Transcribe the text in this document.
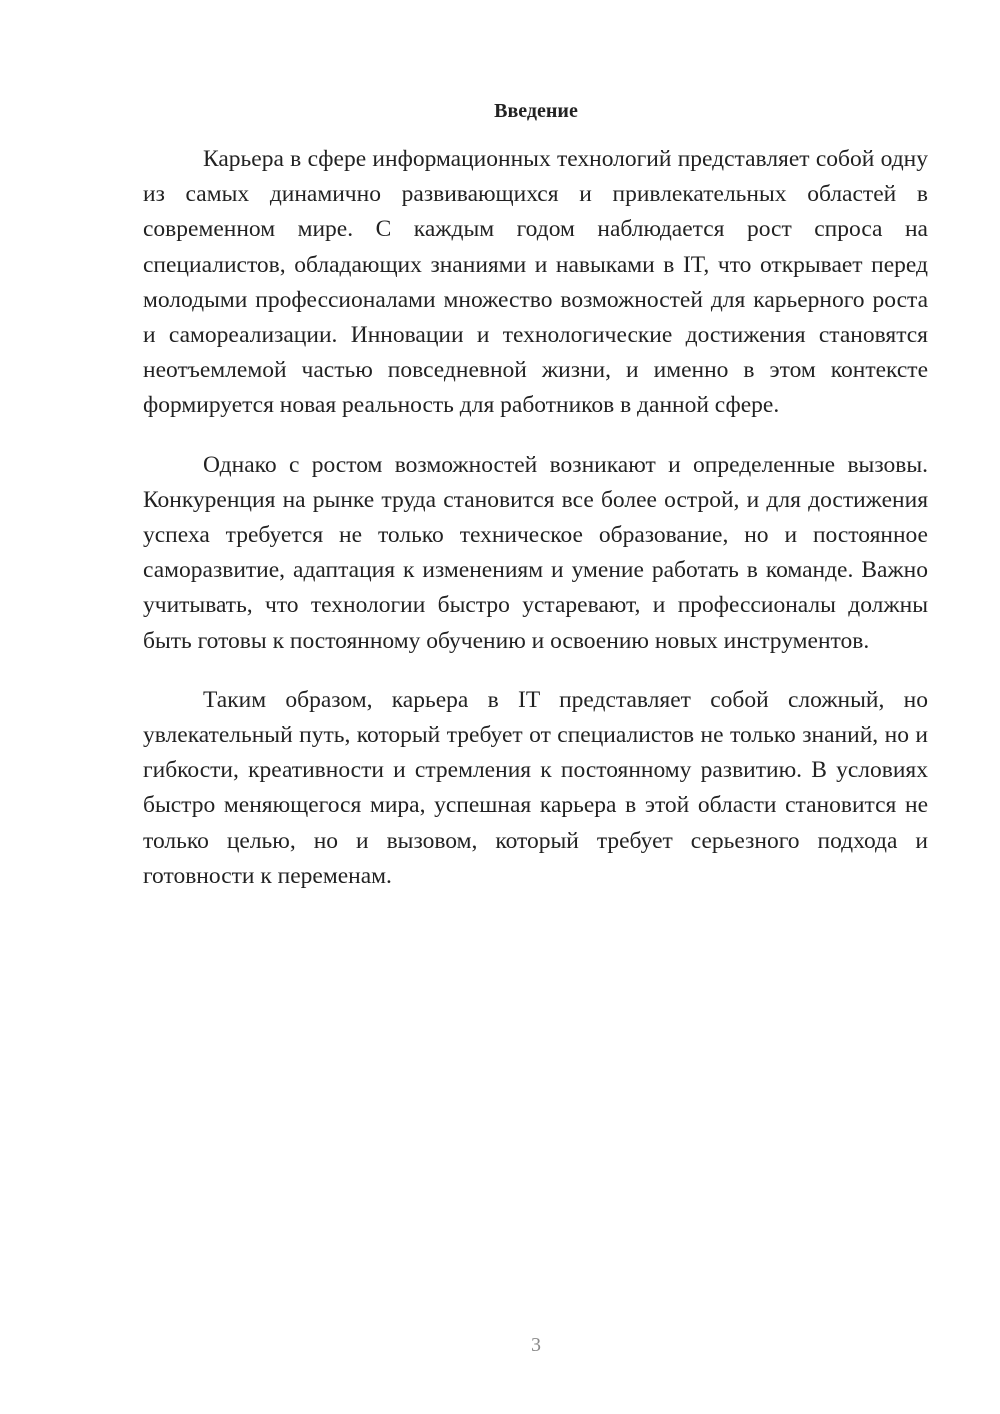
Введение

Карьера в сфере информационных технологий представляет собой одну из самых динамично развивающихся и привлекательных областей в современном мире. С каждым годом наблюдается рост спроса на специалистов, обладающих знаниями и навыками в IT, что открывает перед молодыми профессионалами множество возможностей для карьерного роста и самореализации. Инновации и технологические достижения становятся неотъемлемой частью повседневной жизни, и именно в этом контексте формируется новая реальность для работников в данной сфере.

Однако с ростом возможностей возникают и определенные вызовы. Конкуренция на рынке труда становится все более острой, и для достижения успеха требуется не только техническое образование, но и постоянное саморазвитие, адаптация к изменениям и умение работать в команде. Важно учитывать, что технологии быстро устаревают, и профессионалы должны быть готовы к постоянному обучению и освоению новых инструментов.

Таким образом, карьера в IT представляет собой сложный, но увлекательный путь, который требует от специалистов не только знаний, но и гибкости, креативности и стремления к постоянному развитию. В условиях быстро меняющегося мира, успешная карьера в этой области становится не только целью, но и вызовом, который требует серьезного подхода и готовности к переменам.

3
